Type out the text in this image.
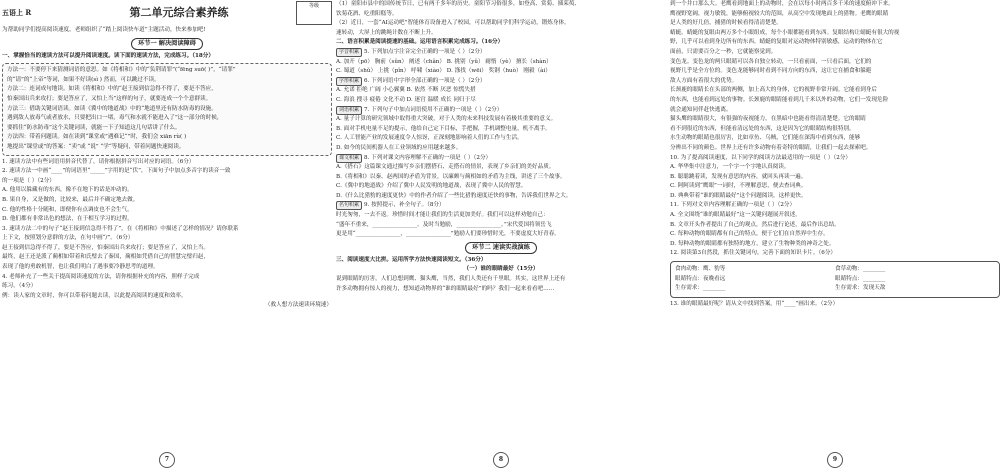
五语上 R	第二单元综合素养练
等级
为帮助同学们提高阅读速度，老师组织了“踏上阅读快车道”主题活动，快来参加吧!
环节一 解决阅读障碍
一、掌握恰当的速读方法可以提升阅读速度。读下面的速读方法，完成练习。（18分）
方法一：不要停下来猜测词语的意思。如《将相和》中的“负荆请罪”(“fēng suō( )”，“请罪”
的“请”的“上帝”等词，如果不好读(sì ) 然而，可以跳过不读。
方法二：连词成句地读。如读《将相和》中的“赵王接到信急得不得了，要是不答应，
怕秦国出兵来攻打；要是答应了，又怕上当”这样的句子，就要连成一个个意群读。
方法三：借助关键词语读。如读《冀中的地道战》中的“地道里还有防水防毒的设施。
遇到敌人放毒气或者放水，只要把出口一堵，毒气和水就不能进入了”这一部分的时候，
要抓住“防水防毒”这个关键词读，就能一下子知道这几句话讲了什么。
方法四：带着问题读。如在读到“课堂或”遇难记“”时，我们会 xiān rù( )
地提出“课堂或”的答案：“卖”或 “说” “学“等疑问，带着问题快速阅读。
1. 速读方法中有些词语用拼音代替了，请你根据拼音写出对应的词语。（6分）
2. 速读方法一中画“____”的词语里“_____”字用的是“伏”，下面句子中加点多音字的读音一致
的一项是（ ）（2分）
A. 他用以躲藏有的东西，像不在地下的话是冲动的。
B. 果自身，又是做的，比较来，最后并不确定地去做。
C. 他的性格十分随和，即便你有点调皮也不会生气。
D. 他们都有非常出色的想法，在于相互学习的过程。
3. 速读方法二中的句子“赵王接到信急得不得了”，在《将相和》中描述了怎样的情况？请你联系
上下文，按照划分意群的方法，在句中画“/”。（6分）
赵王接到信急得不得了，要是不答应，怕秦国出兵来攻打；要是答应了，又怕上当。
最终，赵王还是派了蔺相如带着和氏璧去了秦国，蔺相如凭借自己的智慧完璧归赵，
表现了他的勇敢机智，也让我们明白了遇事要冷静思考的道理。
4. 老师补充了一些关于提高阅读速度的方法，请你根据补充的内容，照样子完成
练习。（4分）
例：读人家的文章时，你可以带着问题去读，以此提高阅读的速度和效率。
（救人想方法速读环境速）
7
（1）童阳市县中的国传统节日，已有两千多年的历史。童阳节习俗很多，如登高、赏菊、插茱萸、
饮菊花酒、吃重阳糕等。
（2）近日，一套“AI运动吧”智能体育设备进入了校园，可以帮助同学们科学运动，锻炼身体。
速转动，大屏上的跳绳计数在不断上升。
二、语言积累是阅读提速的基础。运用语言积累完成练习。（16分）
字音积累 5. 下列加点字注音完全正确的一项是（ ）（2分）
A. 加开（pō） 胸前（sǔn） 阐述（chǎn） B. 挑别（yǔ） 耐惰（yè） 擅长（shàn）
C. 蜀道（shǔ） 上挑（pǐn） 呼啸（xiào） D. 涤找（wēi） 奖钢（huò） 刚毅（ài）
字形积累 6. 下列词语中字形全部正确的一项是（ ）（2分）
A. 允诺 拒绝 广阔 小心翼翼 B. 依然 不断 厌恶 惊慌失措
C. 海浪 搜寻 疲倦 文化不动 D. 迷宫 温暖 成长 同归于尽
词语积累 7. 下列句子中加点词语使用不正确的一项是（ ）（2分）
A. 量子计算的研究领域中取得重大突破，对于人类的未来科技发展有着极其重要的意义。
B. 面对手机电量不足的提示，他给自己定下目标，手把握，手机调整电量，机不离手。
C. 人工智能产业的发展速度令人惊讶，正深刻地影响着人们的工作与生活。
D. 如今的民间机器人在工业领域的应用越来越多。
课文积累 8. 下列对课文内容理解不正确的一项是（ ）（2分）
A.《搭石》这篇课文通过描写乡亲们摆搭石、走搭石的情景，表现了乡亲们的美好品质。
B.《将相和》以秦、赵两国的矛盾为背景，以廉颇与蔺相如的矛盾为主线，讲述了三个故事。
C.《冀中的地道战》介绍了冀中人民发明的地道战，表现了冀中人民的智慧。
D.《什么比猎豹的速度更快》中的作者介绍了一些比猎豹速度还快的事物，告诉我们世界之大。
名句积累 9. 按照提示，补全句子。（8分）
时光匆匆，一去不返。珍惜时间才能让我们的生活更加美好。我们可以这样劝勉自己：
“盛年不重来，________________。及时当勉励，________________。”宋代爱国将领岳飞
更是用“________________，________________”勉励人们要珍惜时光，不要虚度大好青春。
环节二 速读实战演练
三、阅读速度大比拼。运用所学方法快速阅读短文。（36分）
（一）谁的眼睛最好（15分）
说到眼睛的厉害，人们总想到鹰、猫头鹰，当然，我们人类还有千里眼。其实，这世界上还有
许多动物拥有惊人的视力，想知道动物界的“谁的眼睛最好”的吗？我们一起来看看吧……
8
到一个井口那么大。老鹰看到地面上的动物时，会在以每小时两百多千米的速度俯冲下来。
鹰视野宽阔，视力敏锐，能够俯视较大的范围，从高空中发现地面上的猎物。老鹰的眼睛
是人类的好几倍，捕猎的时候看得清清楚楚。
蜻蜓。蜻蜓的复眼由两万多个小眼组成，每个小眼都能看到东西。复眼结构让蜻蜓有很大的视
野，几乎可以看到身边所有的东西。蜻蜓的复眼对运动物体特别敏感，运动的物体在它
面前，只需要百分之一秒，它就能察觉到。
变色龙。变色龙的两只眼睛可以各自独立转动，一只看前面，一只看后面，它们的
视野几乎是全方位的。变色龙能够同时看到不同方向的东西，这让它在捕食和躲避
敌人方面有着很大的优势。
长颈鹿的眼睛长在头部的两侧，加上高大的身体，它的视野非常开阔。它能看到身后
的东西，也能看到远处的事物。长颈鹿的眼睛能看到几千米以外的动物，它们一发现危险
就会通知同伴赶快逃离。
猫头鹰的眼睛很大，有很强的夜视能力，在黑暗中也能看得清清楚楚。它的眼睛
看不到很近的东西，但能看清远处的东西，这是因为它的眼睛结构很特别。
水生动物的眼睛也很厉害，比如章鱼、乌贼，它们能在深海中看到东西，能够
分辨出不同的颜色。世界上还有许多动物有着奇特的眼睛，让我们一起去探索吧。
10. 为了提高阅读速度，以下同学的阅读方法最适用的一项是（ ）（2分）
A. 华华集中注意力，一个字一个字地认真阅读。
B. 聪聪跳着读，发现有意思的内容，就回头再读一遍。
C. 阿阿读到“鹰眼”一词时，不理解意思，便去查词典。
D. 典典带着“谁的眼睛最好”这个问题阅读，这样更快。
11. 下列对文章内容理解正确的一项是（ ）（2分）
A. 全文围绕“谁的眼睛最好”这一关键问题展开叙述。
B. 文章开头作者提出了自己的观点，然后进行论述，最后作出总结。
C. 每种动物的眼睛都有自己的特点，便于它们在自然界中生存。
D. 每种动物的眼睛都有独特的地方，建立了生物种类的神奇之处。
12. 阅读第3自然段，抓住关键词句，完善下面的知识卡片。（6分）
食肉动物：鹰、豹等
眼睛特点：夜晚看远
生存需求：________
食草动物：________
眼睛特点：________
生存需求：发现天敌
13. 谁的眼睛最好呢？请从文中找到答案，用“____”画出来。（2分）
9
